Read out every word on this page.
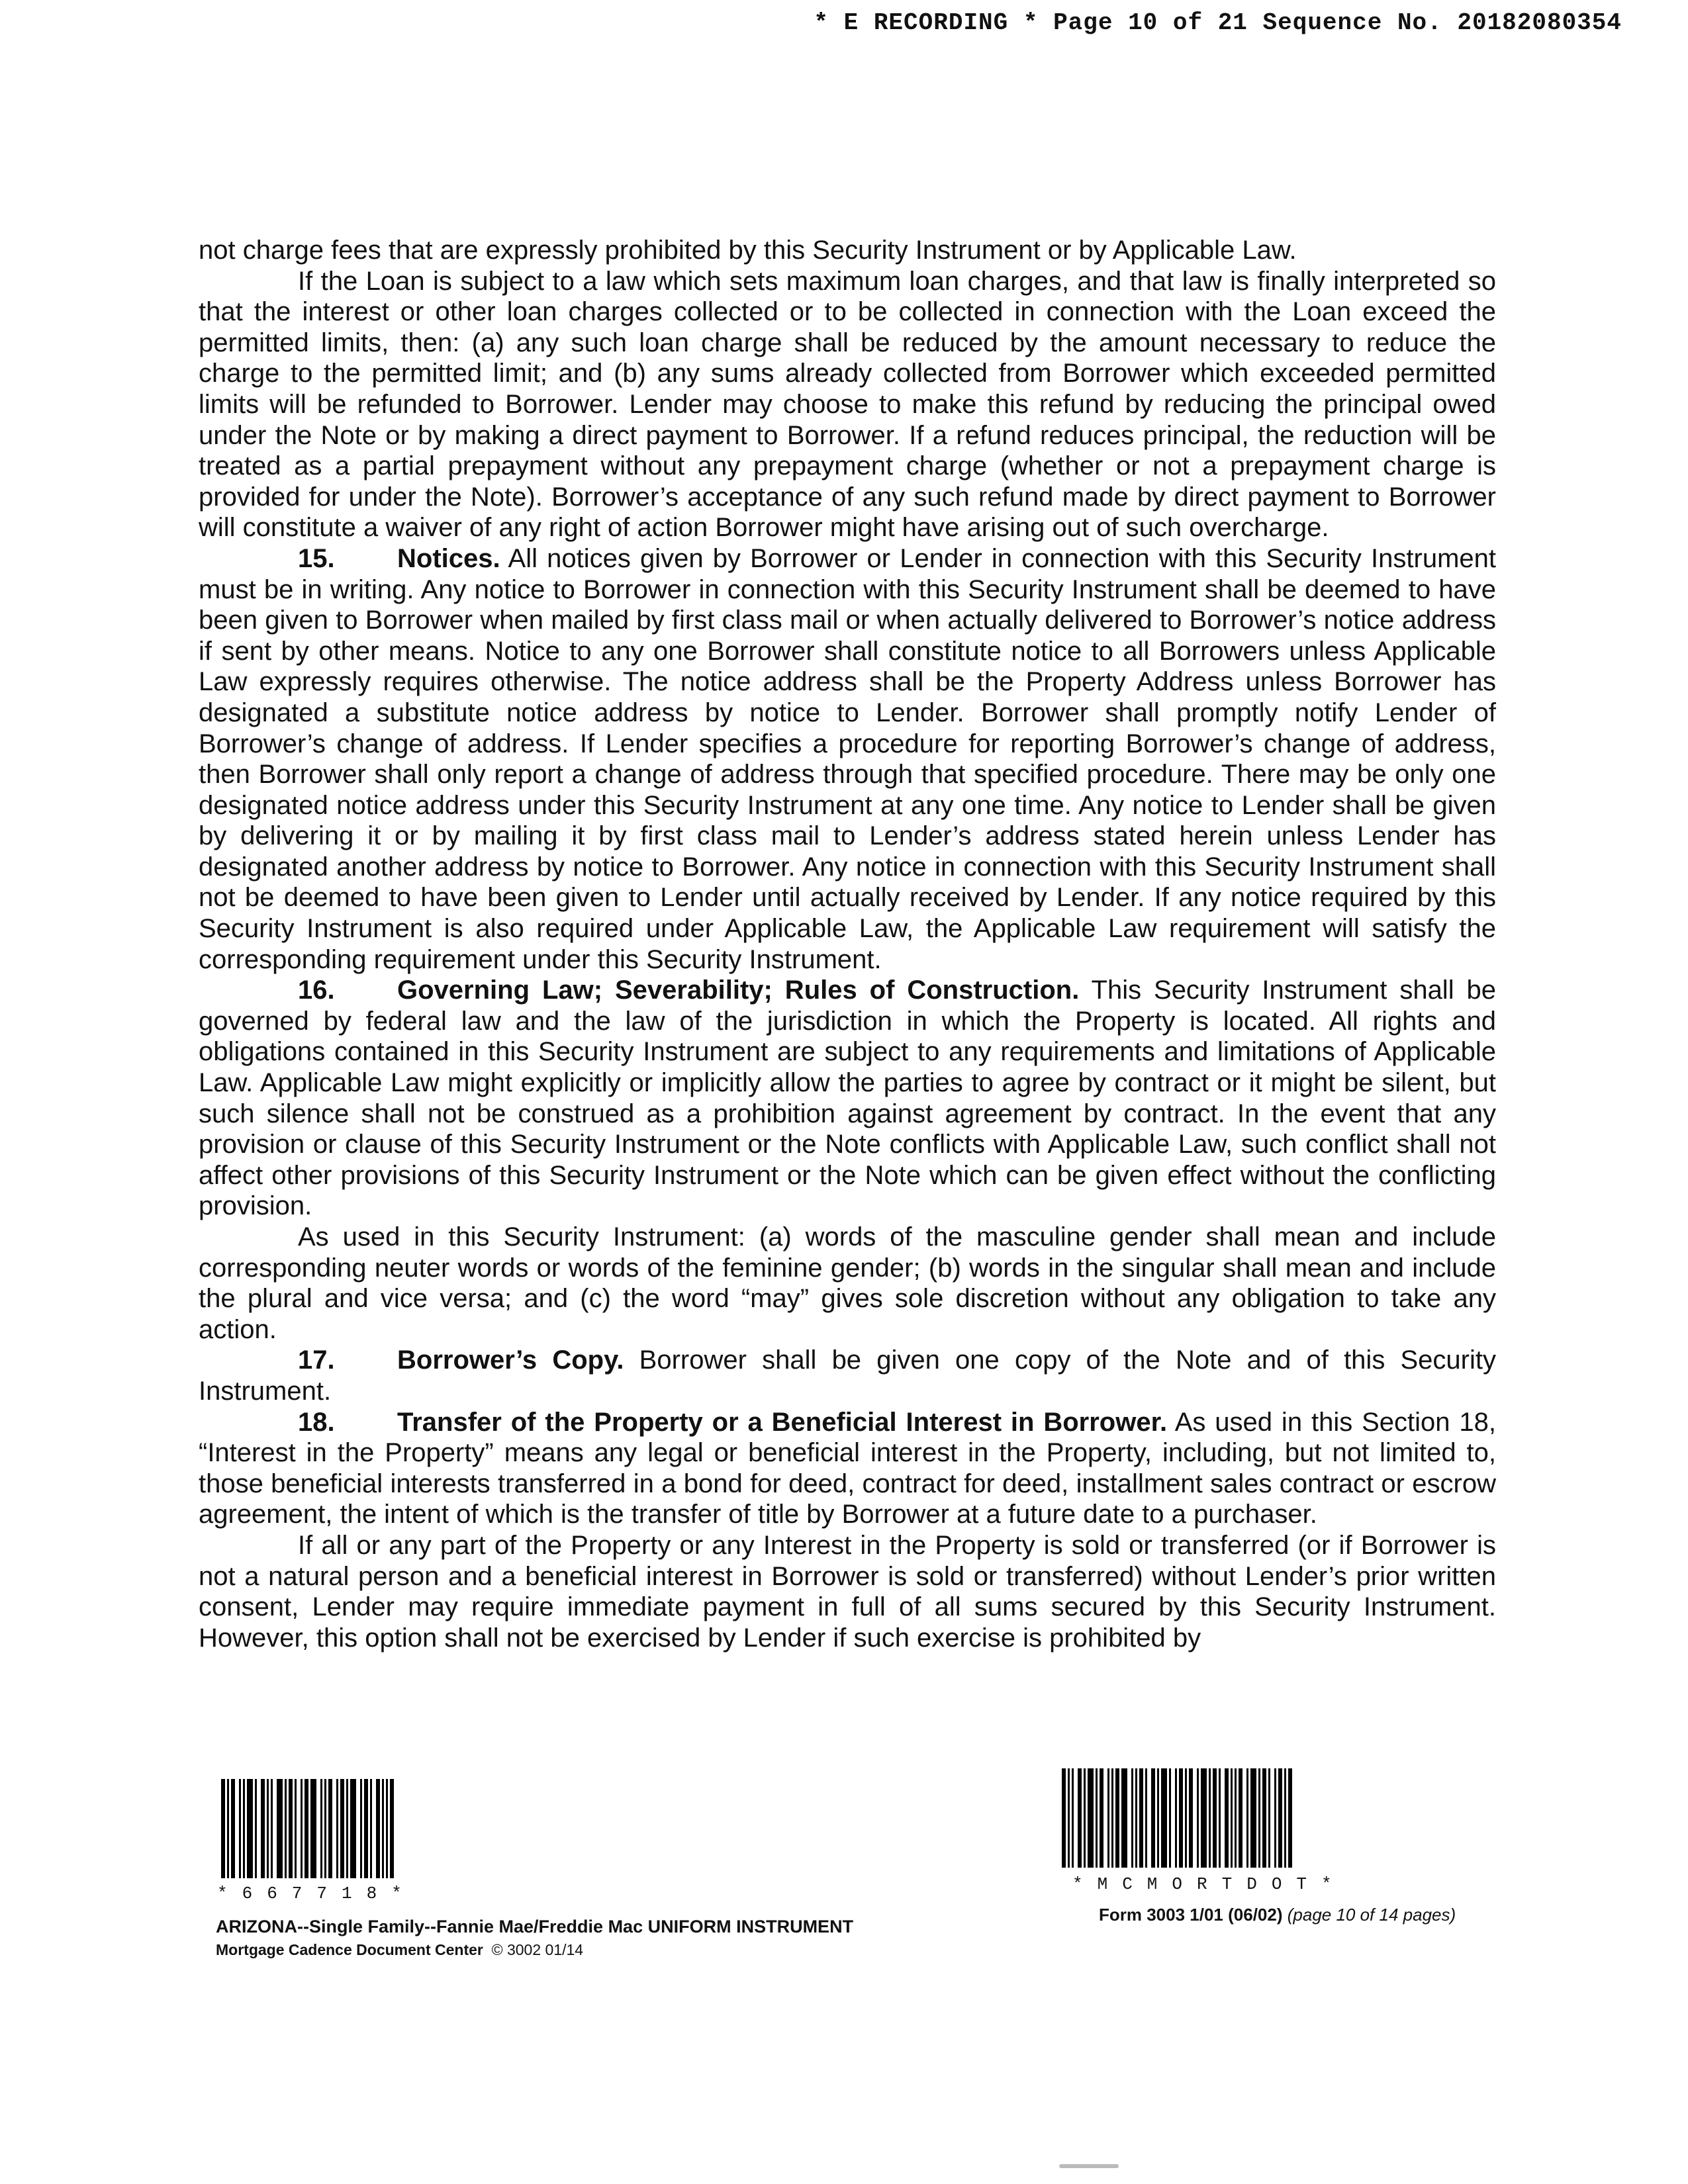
* E RECORDING * Page 10 of 21 Sequence No. 20182080354

not charge fees that are expressly prohibited by this Security Instrument or by Applicable Law.

If the Loan is subject to a law which sets maximum loan charges, and that law is finally interpreted so that the interest or other loan charges collected or to be collected in connection with the Loan exceed the permitted limits, then: (a) any such loan charge shall be reduced by the amount necessary to reduce the charge to the permitted limit; and (b) any sums already collected from Borrower which exceeded permitted limits will be refunded to Borrower. Lender may choose to make this refund by reducing the principal owed under the Note or by making a direct payment to Borrower. If a refund reduces principal, the reduction will be treated as a partial prepayment without any prepayment charge (whether or not a prepayment charge is provided for under the Note). Borrower’s acceptance of any such refund made by direct payment to Borrower will constitute a waiver of any right of action Borrower might have arising out of such overcharge.

15. Notices. All notices given by Borrower or Lender in connection with this Security Instrument must be in writing. Any notice to Borrower in connection with this Security Instrument shall be deemed to have been given to Borrower when mailed by first class mail or when actually delivered to Borrower’s notice address if sent by other means. Notice to any one Borrower shall constitute notice to all Borrowers unless Applicable Law expressly requires otherwise. The notice address shall be the Property Address unless Borrower has designated a substitute notice address by notice to Lender. Borrower shall promptly notify Lender of Borrower’s change of address. If Lender specifies a procedure for reporting Borrower’s change of address, then Borrower shall only report a change of address through that specified procedure. There may be only one designated notice address under this Security Instrument at any one time. Any notice to Lender shall be given by delivering it or by mailing it by first class mail to Lender’s address stated herein unless Lender has designated another address by notice to Borrower. Any notice in connection with this Security Instrument shall not be deemed to have been given to Lender until actually received by Lender. If any notice required by this Security Instrument is also required under Applicable Law, the Applicable Law requirement will satisfy the corresponding requirement under this Security Instrument.

16. Governing Law; Severability; Rules of Construction. This Security Instrument shall be governed by federal law and the law of the jurisdiction in which the Property is located. All rights and obligations contained in this Security Instrument are subject to any requirements and limitations of Applicable Law. Applicable Law might explicitly or implicitly allow the parties to agree by contract or it might be silent, but such silence shall not be construed as a prohibition against agreement by contract. In the event that any provision or clause of this Security Instrument or the Note conflicts with Applicable Law, such conflict shall not affect other provisions of this Security Instrument or the Note which can be given effect without the conflicting provision.

As used in this Security Instrument: (a) words of the masculine gender shall mean and include corresponding neuter words or words of the feminine gender; (b) words in the singular shall mean and include the plural and vice versa; and (c) the word “may” gives sole discretion without any obligation to take any action.

17. Borrower’s Copy. Borrower shall be given one copy of the Note and of this Security Instrument.

18. Transfer of the Property or a Beneficial Interest in Borrower. As used in this Section 18, “Interest in the Property” means any legal or beneficial interest in the Property, including, but not limited to, those beneficial interests transferred in a bond for deed, contract for deed, installment sales contract or escrow agreement, the intent of which is the transfer of title by Borrower at a future date to a purchaser.

If all or any part of the Property or any Interest in the Property is sold or transferred (or if Borrower is not a natural person and a beneficial interest in Borrower is sold or transferred) without Lender’s prior written consent, Lender may require immediate payment in full of all sums secured by this Security Instrument. However, this option shall not be exercised by Lender if such exercise is prohibited by

*667718*	*MCMORTDOT*
ARIZONA--Single Family--Fannie Mae/Freddie Mac UNIFORM INSTRUMENT
Mortgage Cadence Document Center © 3002 01/14
Form 3003 1/01 (06/02) (page 10 of 14 pages)
